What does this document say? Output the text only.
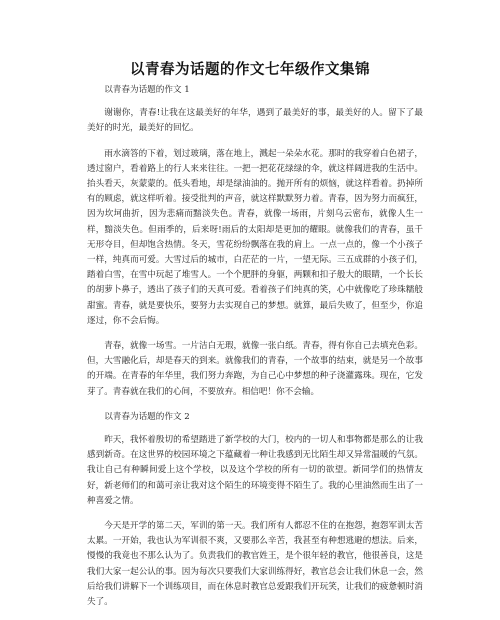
以青春为话题的作文七年级作文集锦

以青春为话题的作文 1

谢谢你，青春!让我在这最美好的年华，遇到了最美好的事，最美好的人。留下了最美好的时光，最美好的回忆。

雨水滴答的下着，划过玻璃，落在地上，溅起一朵朵水花。那时的我穿着白色裙子，透过窗户，看着路上的行人来来往往。一把一把花花绿绿的伞，就这样阔进我的生活中。抬头看天，灰蒙蒙的。低头看地，却是绿油油的。抛开所有的烦恼，就这样看着。扔掉所有的顾虑，就这样听着。接受批判的声音，就这样默默努力着。青春，因为努力而疯狂，因为坎坷曲折，因为悲痛而黯淡失色。青春，就像一场雨，片刻乌云密布，就像人生一样，黯淡失色。但雨季的，后来呀!雨后的太阳却是更加的耀眼。就像我们的青春，虽千无形夺目，但却饱含热情。冬天，雪花纷纷飘落在我的肩上。一点一点的，像一个小孩子一样，纯真而可爱。大雪过后的城市，白茫茫的一片，一望无际。三五成群的小孩子们，踏着白雪，在雪中玩起了堆雪人。一个个肥胖的身躯，两颗和扣子般大的眼睛，一个长长的胡萝卜鼻子，透出了孩子们的天真可爱。看着孩子们纯真的笑，心中就像吃了珍珠糯般甜蜜。青春，就是要快乐，要努力去实现自己的梦想。就算，最后失败了，但至少，你追逐过，你不会后悔。

青春，就像一场雪。一片洁白无瑕，就像一张白纸。青春，得有你自己去填充色彩。但，大雪融化后，却是春天的到来。就像我们的青春，一个故事的结束，就是另一个故事的开端。在青春的年华里，我们努力奔跑，为自己心中梦想的种子浇灌露珠。现在，它发芽了。青春就在我们的心间，不要放弃。相信吧！你不会输。

以青春为话题的作文 2

昨天，我怀着殷切的希望踏进了新学校的大门，校内的一切人和事物都是那么的让我感到新奇。在这世界的校园环境之下蕴藏着一种让我感到无比陌生却又异常温暖的气氛。我让自己有种瞬间爱上这个学校，以及这个学校的所有一切的欲望。新同学们的热情友好，新老师们的和蔼可亲让我对这个陌生的环境变得不陌生了。我的心里油然而生出了一种喜爱之情。

今天是开学的第二天，军训的第一天。我们所有人都忍不住的在抱怨，抱怨军训太苦太累。一开始，我也认为军训很不爽，又要那么辛苦，我甚至有种想逃避的想法。后来，慢慢的我竟也不那么认为了。负责我们的教官姓王，是个很年轻的教官，他很善良，这是我们大家一起公认的事。因为每次只要我们大家训练得好，教官总会让我们休息一会，然后给我们讲解下一个训练项目，而在休息时教官总爱跟我们开玩笑，让我们的疲惫顿时消失了。
